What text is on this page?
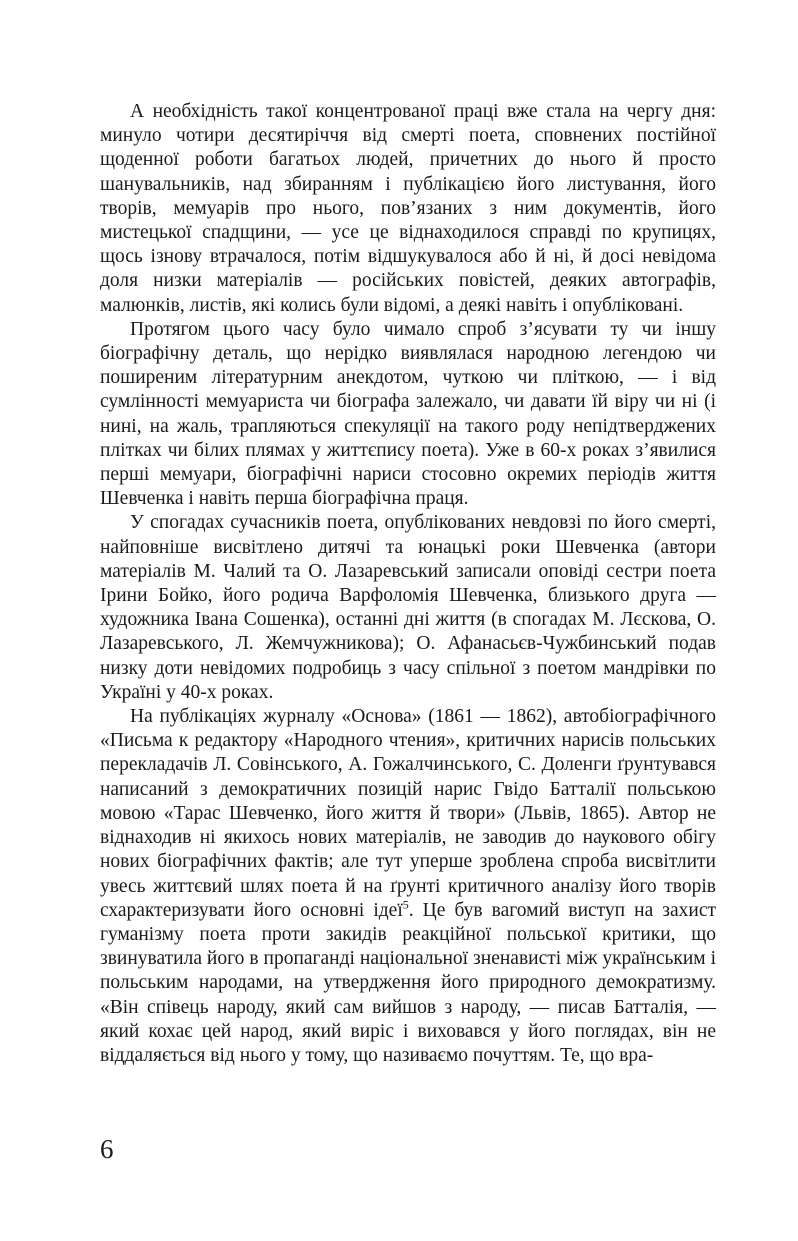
А необхідність такої концентрованої праці вже стала на чергу дня: минуло чотири десятиріччя від смерті поета, сповнених постійної щоденної роботи багатьох людей, причетних до нього й просто шанувальників, над збиранням і публікацією його листування, його творів, мемуарів про нього, пов’язаних з ним документів, його мистецької спадщини, — усе це віднаходилося справді по крупицях, щось ізнову втрачалося, потім відшукувалося або й ні, й досі невідома доля низки матеріалів — російських повістей, деяких автографів, малюнків, листів, які колись були відомі, а деякі навіть і опубліковані.

Протягом цього часу було чимало спроб з’ясувати ту чи іншу біографічну деталь, що нерідко виявлялася народною легендою чи поширеним літературним анекдотом, чуткою чи пліткою, — і від сумлінності мемуариста чи біографа залежало, чи давати їй віру чи ні (і нині, на жаль, трапляються спекуляції на такого роду непідтверджених плітках чи білих плямах у життєпису поета). Уже в 60-х роках з’явилися перші мемуари, біографічні нариси стосовно окремих періодів життя Шевченка і навіть перша біографічна праця.

У спогадах сучасників поета, опублікованих невдовзі по його смерті, найповніше висвітлено дитячі та юнацькі роки Шевченка (автори матеріалів М. Чалий та О. Лазаревський записали оповіді сестри поета Ірини Бойко, його родича Варфоломія Шевченка, близького друга — художника Івана Сошенка), останні дні життя (в спогадах М. Лєскова, О. Лазаревського, Л. Жемчужникова); О. Афанасьєв-Чужбинський подав низку доти невідомих подробиць з часу спільної з поетом мандрівки по Україні у 40-х роках.

На публікаціях журналу «Основа» (1861 — 1862), автобіографічного «Письма к редактору «Народного чтения», критичних нарисів польських перекладачів Л. Совінського, А. Гожалчинського, С. Доленги ґрунтувався написаний з демократичних позицій нарис Гвідо Батталії польською мовою «Тарас Шевченко, його життя й твори» (Львів, 1865). Автор не віднаходив ні якихось нових матеріалів, не заводив до наукового обігу нових біографічних фактів; але тут уперше зроблена спроба висвітлити увесь життєвий шлях поета й на ґрунті критичного аналізу його творів схарактеризувати його основні ідеї$^5$. Це був вагомий виступ на захист гуманізму поета проти закидів реакційної польської критики, що звинуватила його в пропаганді національної зненависті між українським і польським народами, на утвердження його природного демократизму. «Він співець народу, який сам вийшов з народу, — писав Батталія, — який кохає цей народ, який виріс і виховався у його поглядах, він не віддаляється від нього у тому, що називаємо почуттям. Те, що вра-

6
